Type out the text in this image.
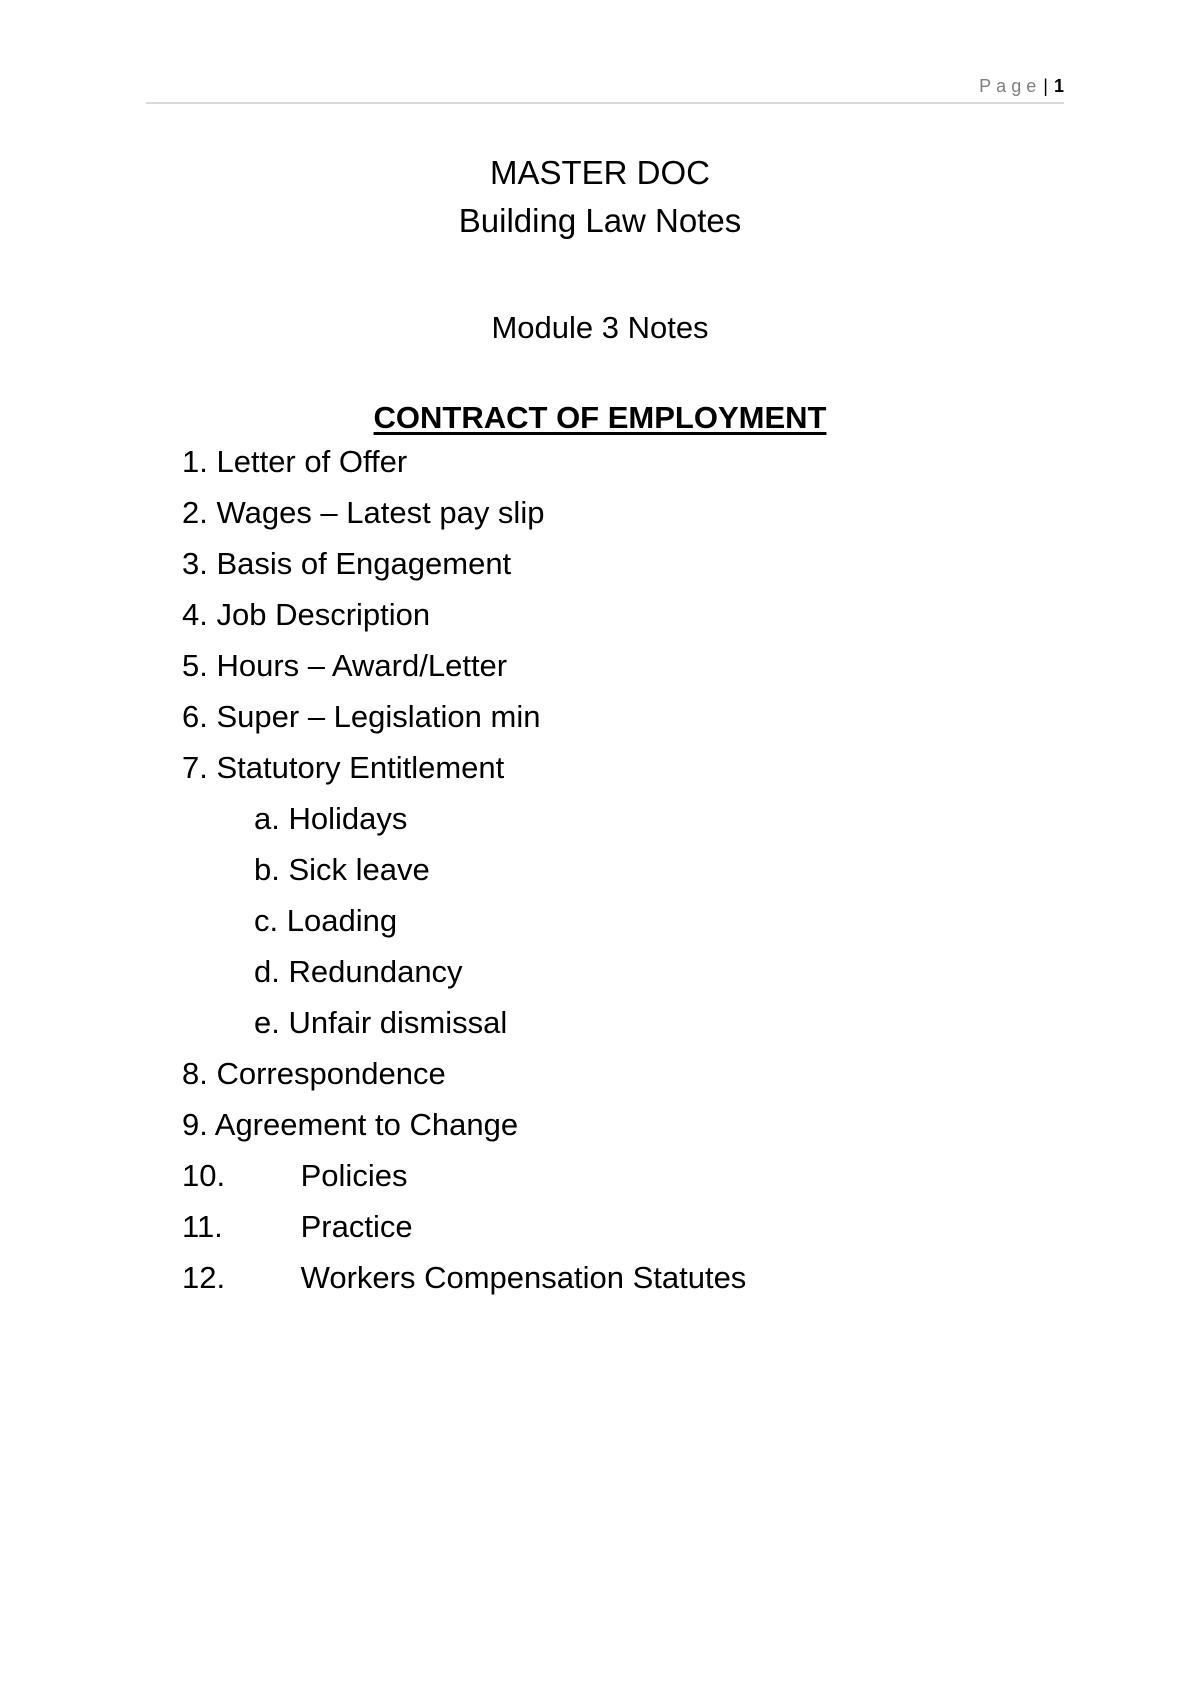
Page | 1
MASTER DOC
Building Law Notes
Module 3 Notes
CONTRACT OF EMPLOYMENT
1. Letter of Offer
2. Wages – Latest pay slip
3. Basis of Engagement
4. Job Description
5. Hours – Award/Letter
6. Super – Legislation min
7. Statutory Entitlement
a. Holidays
b. Sick leave
c. Loading
d. Redundancy
e. Unfair dismissal
8. Correspondence
9. Agreement to Change
10. Policies
11.	Practice
12. Workers Compensation Statutes
